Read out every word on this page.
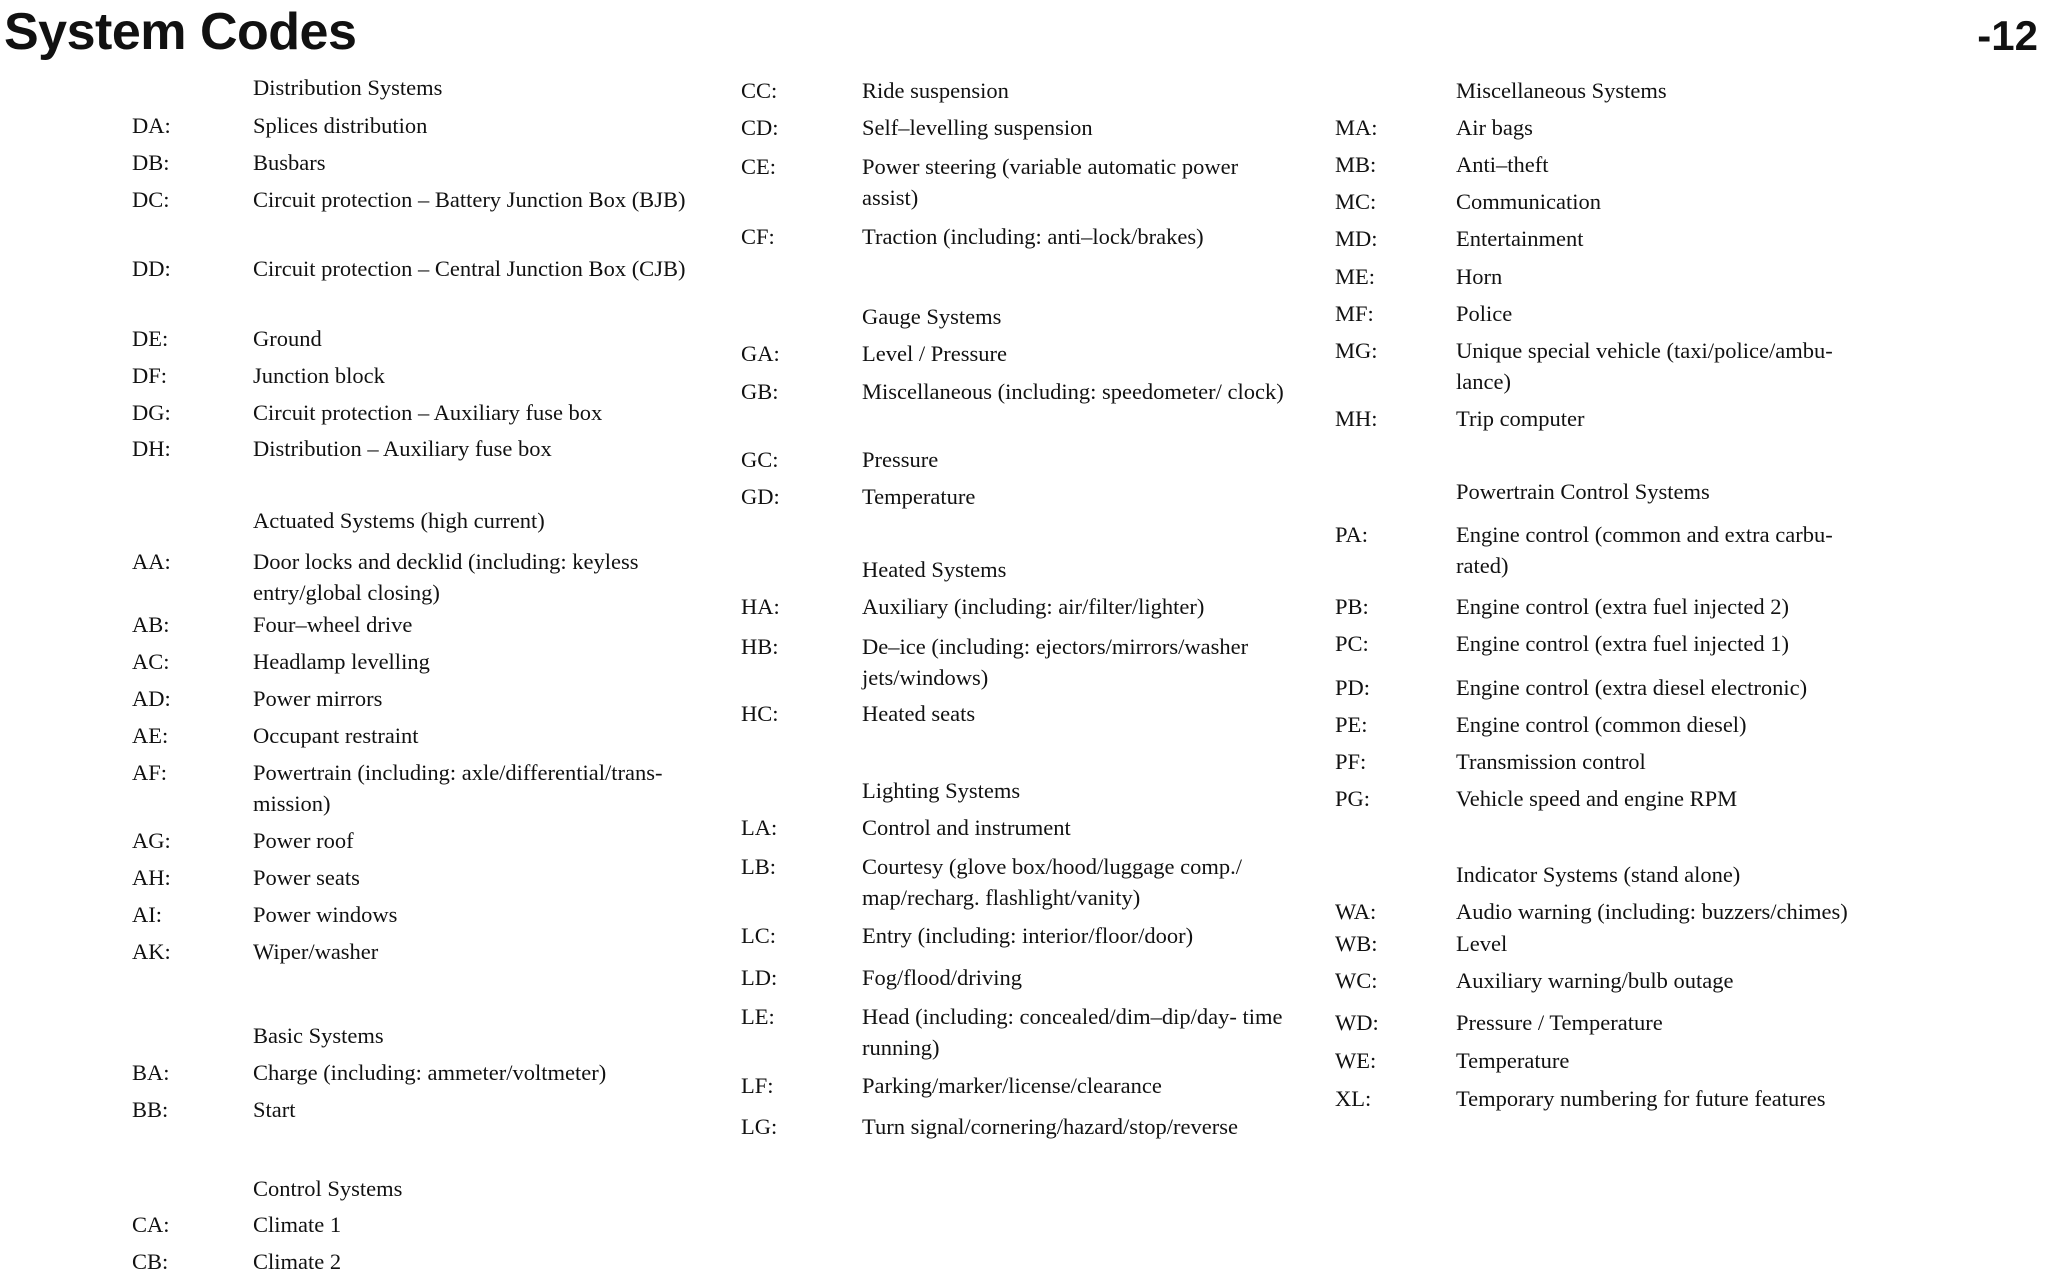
System Codes	-12
Distribution Systems
DA:	Splices distribution
DB:	Busbars
DC:	Circuit protection – Battery Junction Box (BJB)
DD:	Circuit protection – Central Junction Box (CJB)
DE:	Ground
DF:	Junction block
DG:	Circuit protection – Auxiliary fuse box
DH:	Distribution – Auxiliary fuse box
Actuated Systems (high current)
AA:	Door locks and decklid (including: keyless entry/global closing)
AB:	Four–wheel drive
AC:	Headlamp levelling
AD:	Power mirrors
AE:	Occupant restraint
AF:	Powertrain (including: axle/differential/trans- mission)
AG:	Power roof
AH:	Power seats
AI:	Power windows
AK:	Wiper/washer
Basic Systems
BA:	Charge (including: ammeter/voltmeter)
BB:	Start
Control Systems
CA:	Climate 1
CB:	Climate 2
CC:	Ride suspension
CD:	Self–levelling suspension
CE:	Power steering (variable automatic power assist)
CF:	Traction (including: anti–lock/brakes)
Gauge Systems
GA:	Level / Pressure
GB:	Miscellaneous (including: speedometer/ clock)
GC:	Pressure
GD:	Temperature
Heated Systems
HA:	Auxiliary (including: air/filter/lighter)
HB:	De–ice (including: ejectors/mirrors/washer jets/windows)
HC:	Heated seats
Lighting Systems
LA:	Control and instrument
LB:	Courtesy (glove box/hood/luggage comp./ map/recharg. flashlight/vanity)
LC:	Entry (including: interior/floor/door)
LD:	Fog/flood/driving
LE:	Head (including: concealed/dim–dip/day- time running)
LF:	Parking/marker/license/clearance
LG:	Turn signal/cornering/hazard/stop/reverse
Miscellaneous Systems
MA:	Air bags
MB:	Anti–theft
MC:	Communication
MD:	Entertainment
ME:	Horn
MF:	Police
MG:	Unique special vehicle (taxi/police/ambu- lance)
MH:	Trip computer
Powertrain Control Systems
PA:	Engine control (common and extra carbu- rated)
PB:	Engine control (extra fuel injected 2)
PC:	Engine control (extra fuel injected 1)
PD:	Engine control (extra diesel electronic)
PE:	Engine control (common diesel)
PF:	Transmission control
PG:	Vehicle speed and engine RPM
Indicator Systems (stand alone)
WA:	Audio warning (including: buzzers/chimes)
WB:	Level
WC:	Auxiliary warning/bulb outage
WD:	Pressure / Temperature
WE:	Temperature
XL:	Temporary numbering for future features
